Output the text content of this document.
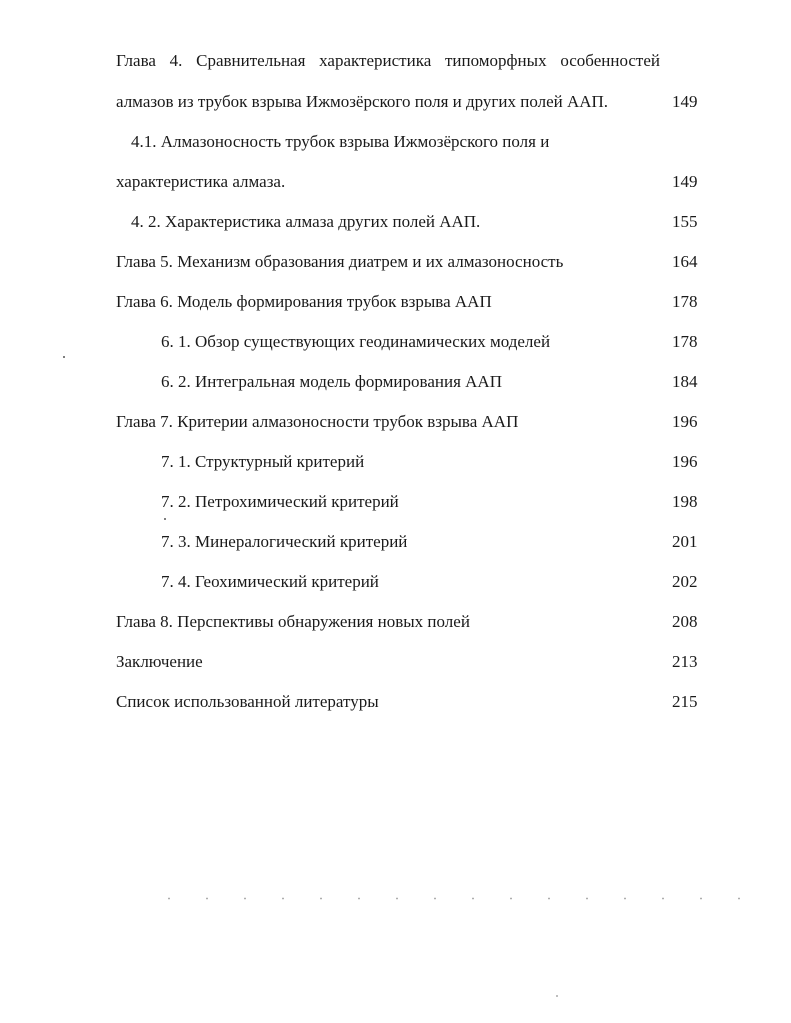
Глава 4. Сравнительная характеристика типоморфных особенностей
алмазов из трубок взрыва Ижмозёрского поля и других полей ААП.	149
4.1. Алмазоносность трубок взрыва Ижмозёрского поля и
характеристика алмаза.	149
4. 2. Характеристика алмаза других полей ААП.	155
Глава 5. Механизм образования диатрем и их алмазоносность	164
Глава 6. Модель формирования трубок взрыва ААП	178
6. 1. Обзор существующих геодинамических моделей	178
6. 2. Интегральная модель формирования ААП	184
Глава 7. Критерии алмазоносности трубок взрыва ААП	196
7. 1. Структурный критерий	196
7. 2. Петрохимический критерий	198
7. 3. Минералогический критерий	201
7. 4. Геохимический критерий	202
Глава 8. Перспективы обнаружения новых полей	208
Заключение	213
Список использованной литературы	215
